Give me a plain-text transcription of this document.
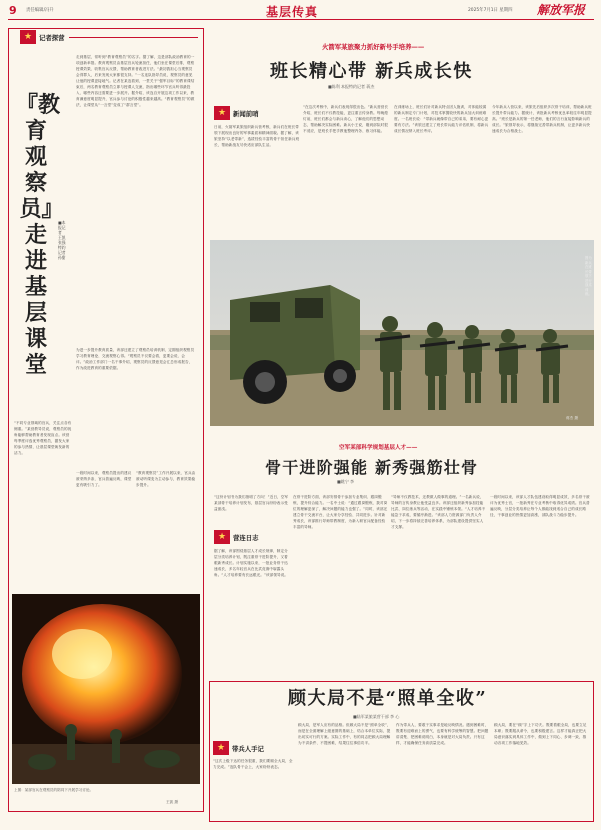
9 责任编辑/冯升	基层传真	2025年7月1日 星期四 解放军报
★	记者探营
『教育观察员』走进基层课堂
■本报记者 王凯 张强 特约记者 孙甜
走到基层，常听到“教育观察员”的名字。据了解，这是部队政治教育的一项创新举措。教育观察员由基层官兵轮流担任，他们坐在课堂后排，观察授课效果、收集官兵反馈，帮助教育者改进方法。“最初我担心当观察员会得罪人，后来发现大家都很支持。”一名连队指导员说，观察员的意见让他的授课更接地气。记者在某连看到，一堂关于“强军目标”的教育课结束后，两名教育观察员立即与授课人交流，指出哪些环节官兵听得最投入、哪些内容还需要进一步展开。据介绍，该连自开展这项工作以来，教育满意度明显提升，官兵参与讨论的积极性越来越高。“教育观察员”的做法，让课堂从“一言堂”变成了“群言堂”。
为进一步提升教育质量，该部还建立了观察员培训机制，定期组织观察员学习教育理论、交流观察心得。“观察员不仅要会看，更要会说、会评。”政治工作部门一名干事介绍，观察员的反馈意见会汇总形成报告，作为改进教育的重要依据。
一段时间以来，观察员提出的建议被采纳多条，官兵普遍反映，课堂更有吸引力了。
“教育观察员”工作开展以来，官兵由被动听课变为主动参与，教育效果稳步提升。
“不同专业领域的官兵，关注点各有侧重。”某营教导员说，观察员的视角能够帮助教育者发现盲点。该营每季度评选优秀观察员，激发大家的参与热情，让基层课堂焕发新的活力。
上图：某部官兵在观察员的陪同下开展学习讨论。
王凯 摄
火箭军某旅聚力抓好新号手培养——
班长精心带 新兵成长快
■陈利 本报特约记者 蒋杰
★	新闻前哨
日前，火箭军某旅组织新兵营考核，新兵们在班长带领下展现出良好的军事素质和精神面貌。据了解，该旅坚持“以老带新”，选拔经验丰富的骨干担任新兵班长，帮助新战友尽快适应部队生活。
“在这次考核中，新兵们表现得很出色。”新兵营营长介绍，班长们不仅教技能，更注重言传身教。每晚熄灯前，班长们都会与新兵谈心，了解他们的思想动态，帮助解决实际困难。新兵小王说，刚到部队时很不适应，是班长手把手教他整理内务、练习体能。
在训练场上，班长们针对新兵特点因人施训，对体能较弱的新兵制定专门计划，对技术掌握较快的新兵加大训练难度。一名班长说：“带新兵就像带自己的弟弟，要有耐心更要有方法。”该旅还建立了班长带兵能力评估机制，将新兵成长情况纳入班长考评。
今年新兵入营以来，该旅先后组织多次骨干培训，帮助新兵班长提升带兵能力。据统计，该批新兵考核优良率较往年明显提高。“班长是新兵的第一任老师，他们的言行直接影响新兵的成长。”旅领导表示，将继续完善带新兵机制，让更多新兵快速成长为合格战士。
图为新兵在班长带领下进行战术训练。
蒋杰 摄
空军某部科学规划基层人才——
骨干进阶强能 新秀强筋壮骨
■姚宁 李
“这份计划书为我们指明了方向！”近日，空军某部骨干培养计划发布，基层官兵纷纷表示受益匪浅。
★	营连日志
据了解，该部围绕基层人才成长规律，制定分层分类培养计划，既注重骨干进阶提升，又着眼新秀成长。计划实施以来，一批业务骨干迅速成长，多名年轻官兵在比武竞赛中崭露头角。“人才培养要有长远眼光。”该部领导说。
在骨干进阶方面，该部安排骨干参加专业集训、跟岗锻炼，提升综合能力。一名中士说：“通过跟岗锻炼，我对岗位的理解更深了，解决问题的能力也强了。”同时，该部还建立骨干交流平台，让大家分享经验、共同进步。针对新秀成长，该部推行导师带教制度，为新入职官兵配备经验丰富的导师。
“导师不仅教技术，还教做人做事的道理。”一名新兵说，导师的言传身教让他受益良多。该部还组织新秀参加技能比武、岗位练兵等活动，在实践中锤炼本领。“人才培养不能急于求成，要循序渐进。”该部人力资源部门负责人介绍，下一步将持续完善培养体系，为部队建设提供坚实人才支撑。
一段时间以来，该部人才队伍建设取得明显成效，多名骨干被评为优秀士官，一批新秀在专业考核中取得优异成绩。官兵普遍反映，分层分类培养让每个人都能找到适合自己的成长路径，干事创业的热情更加高涨，部队战斗力稳步提升。
顾大局不是“照单全收”
■陆军某旅某营干部 李 心
★	带兵人手记
“这次上级下达的任务很重，我们要顾全大局，全力完成。”连队骨干会上，大家纷纷表态。
顾大局，是军人应有的品格。但顾大局不是“照单全收”，而是在全面理解上级意图的基础上，结合本单位实际，提出切实可行的方案。实际工作中，有的同志把顾大局理解为不讲条件、不提困难，结果往往事倍功半。
作为带兵人，要敢于实事求是地反映情况。遇到困难时，既要有迎难而上的勇气，也要有科学统筹的智慧。把问题讲清楚、把困难说明白，本身就是对大局负责。只有这样，才能确保任务高质量完成。
顾大局，要在“顾”字上下功夫。既要着眼全局，也要立足本职；既要服从命令，也要积极建言。这样才能真正把大局意识落实到具体工作中，做到上下同心、步调一致，推动各项工作落地见效。
